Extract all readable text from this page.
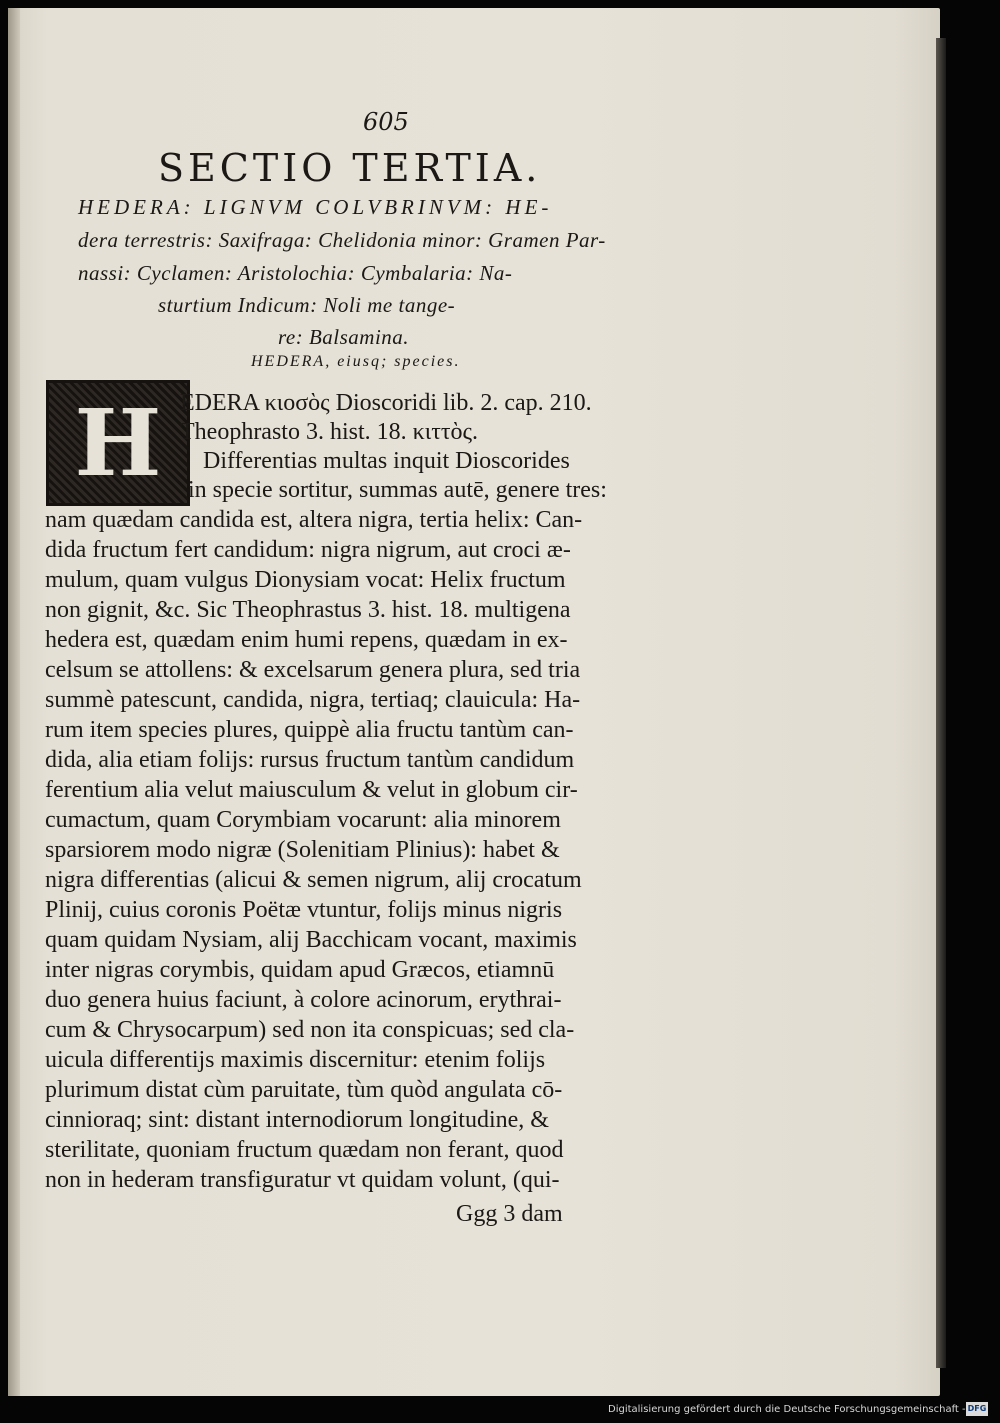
605
SECTIO TERTIA.
HEDERA: LIGNVM COLVBRINVM: HE-
dera terrestris: Saxifraga: Chelidonia minor: Gramen Par-
nassi: Cyclamen: Aristolochia: Cymbalaria: Na-
sturtium Indicum: Noli me tange-
re: Balsamina.
HEDERA, eiusq; species.
H EDERA κιοσὸς Dioscoridi lib. 2. cap. 210.
Theophrasto 3. hist. 18. κιττὸς.
Differentias multas inquit Dioscorides
in specie sortitur, summas autē, genere tres:
nam quædam candida est, altera nigra, tertia helix: Can-
dida fructum fert candidum: nigra nigrum, aut croci æ-
mulum, quam vulgus Dionysiam vocat: Helix fructum
non gignit, &c. Sic Theophrastus 3. hist. 18. multigena
hedera est, quædam enim humi repens, quædam in ex-
celsum se attollens: & excelsarum genera plura, sed tria
summè patescunt, candida, nigra, tertiaq; clauicula: Ha-
rum item species plures, quippè alia fructu tantùm can-
dida, alia etiam folijs: rursus fructum tantùm candidum
ferentium alia velut maiusculum & velut in globum cir-
cumactum, quam Corymbiam vocarunt: alia minorem
sparsiorem modo nigræ (Solenitiam Plinius): habet &
nigra differentias (alicui & semen nigrum, alij crocatum
Plinij, cuius coronis Poëtæ vtuntur, folijs minus nigris
quam quidam Nysiam, alij Bacchicam vocant, maximis
inter nigras corymbis, quidam apud Græcos, etiamnū
duo genera huius faciunt, à colore acinorum, erythrai-
cum & Chrysocarpum) sed non ita conspicuas; sed cla-
uicula differentijs maximis discernitur: etenim folijs
plurimum distat cùm paruitate, tùm quòd angulata cō-
cinnioraq; sint: distant internodiorum longitudine, &
sterilitate, quoniam fructum quædam non ferant, quod
non in hederam transfiguratur vt quidam volunt, (qui-
Ggg 3 dam
Digitalisierung gefördert durch die Deutsche Forschungsgemeinschaft - DFG
